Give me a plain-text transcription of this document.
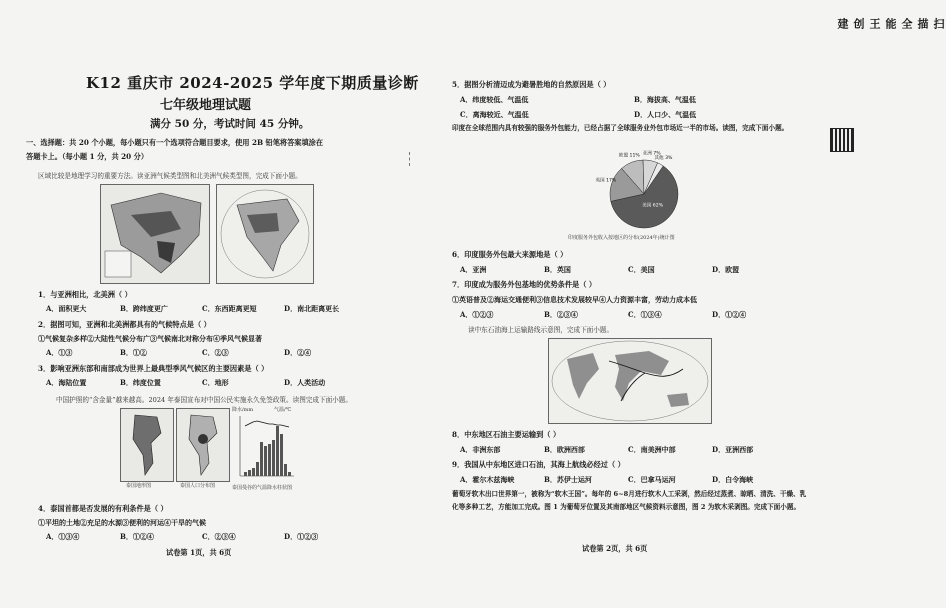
K12 重庆市 2024-2025 学年度下期质量诊断
七年级地理试题
满分 50 分，考试时间 45 分钟。
一、选择题：共 20 个小题，每小题只有一个选项符合题目要求，使用 2B 铅笔将答案填涂在
答题卡上。（每小题 1 分，共 20 分）
区域比较是地理学习的重要方法。读亚洲气候类型图和北美洲气候类型图，完成下面小题。
1．与亚洲相比，北美洲（ ）
A．面积更大	B．跨纬度更广	C．东西距离更短	D．南北距离更长
2．据图可知，亚洲和北美洲都具有的气候特点是（ ）
①气候复杂多样②大陆性气候分布广③气候南北对称分布④季风气候显著
A．①③	B．①②	C．②③	D．②④
3．影响亚洲东部和南部成为世界上最典型季风气候区的主要因素是（ ）
A．海陆位置	B．纬度位置	C．地形	D．人类活动
中国护照的“含金量”越来越高。2024 年泰国宣布对中国公民实施永久免签政策。读图完成下面小题。
泰国地形图	泰国人口分布图
降水/mm	气温/℃
泰国曼谷的气温降水柱状图
4．泰国首都是否发展的有利条件是（ ）
①平坦的土地②充足的水源③便利的河运④干旱的气候
A．①③④	B．①②④	C．②③④	D．①②③
试卷第 1页，共 6页
5．据图分析清迈成为避暑胜地的自然原因是（ ）
A．纬度较低、气温低	B．海拔高、气温低
C．离海较近、气温低	D．人口少、气温低
印度在全球范围内具有较强的服务外包能力，已经占据了全球服务业外包市场近一半的市场。读图，完成下面小题。
美国 62%
英国 17%
欧盟 11% 亚洲 7%
其他 3%
印度服务外包收入按地区的分布(2024年)统计图
6．印度服务外包最大来源地是（ ）
A．亚洲	B．英国	C．美国	D．欧盟
7．印度成为服务外包基地的优势条件是（ ）
①英语普及②海运交通便利③信息技术发展较早④人力资源丰富，劳动力成本低
A．①②③	B．②③④	C．①③④	D．①②④
读中东石油海上运输路线示意图，完成下面小题。
8．中东地区石油主要运输到（ ）
A．非洲东部	B．欧洲西部	C．南美洲中部	D．亚洲西部
9．我国从中东地区进口石油，其海上航线必经过（ ）
A．霍尔木兹海峡	B．苏伊士运河	C．巴拿马运河	D．白令海峡
葡萄牙软木出口世界第一，被称为“软木王国”。每年的 6~8月进行软木人工采剥，然后经过蒸煮、晾晒、清洗、干燥、乳化等多种工艺，方能加工完成。图 1 为葡萄牙位置及其南部地区气候资料示意图，图 2 为软木采剥图。完成下面小题。
试卷第 2页，共 6页
扫描全能王 创建
